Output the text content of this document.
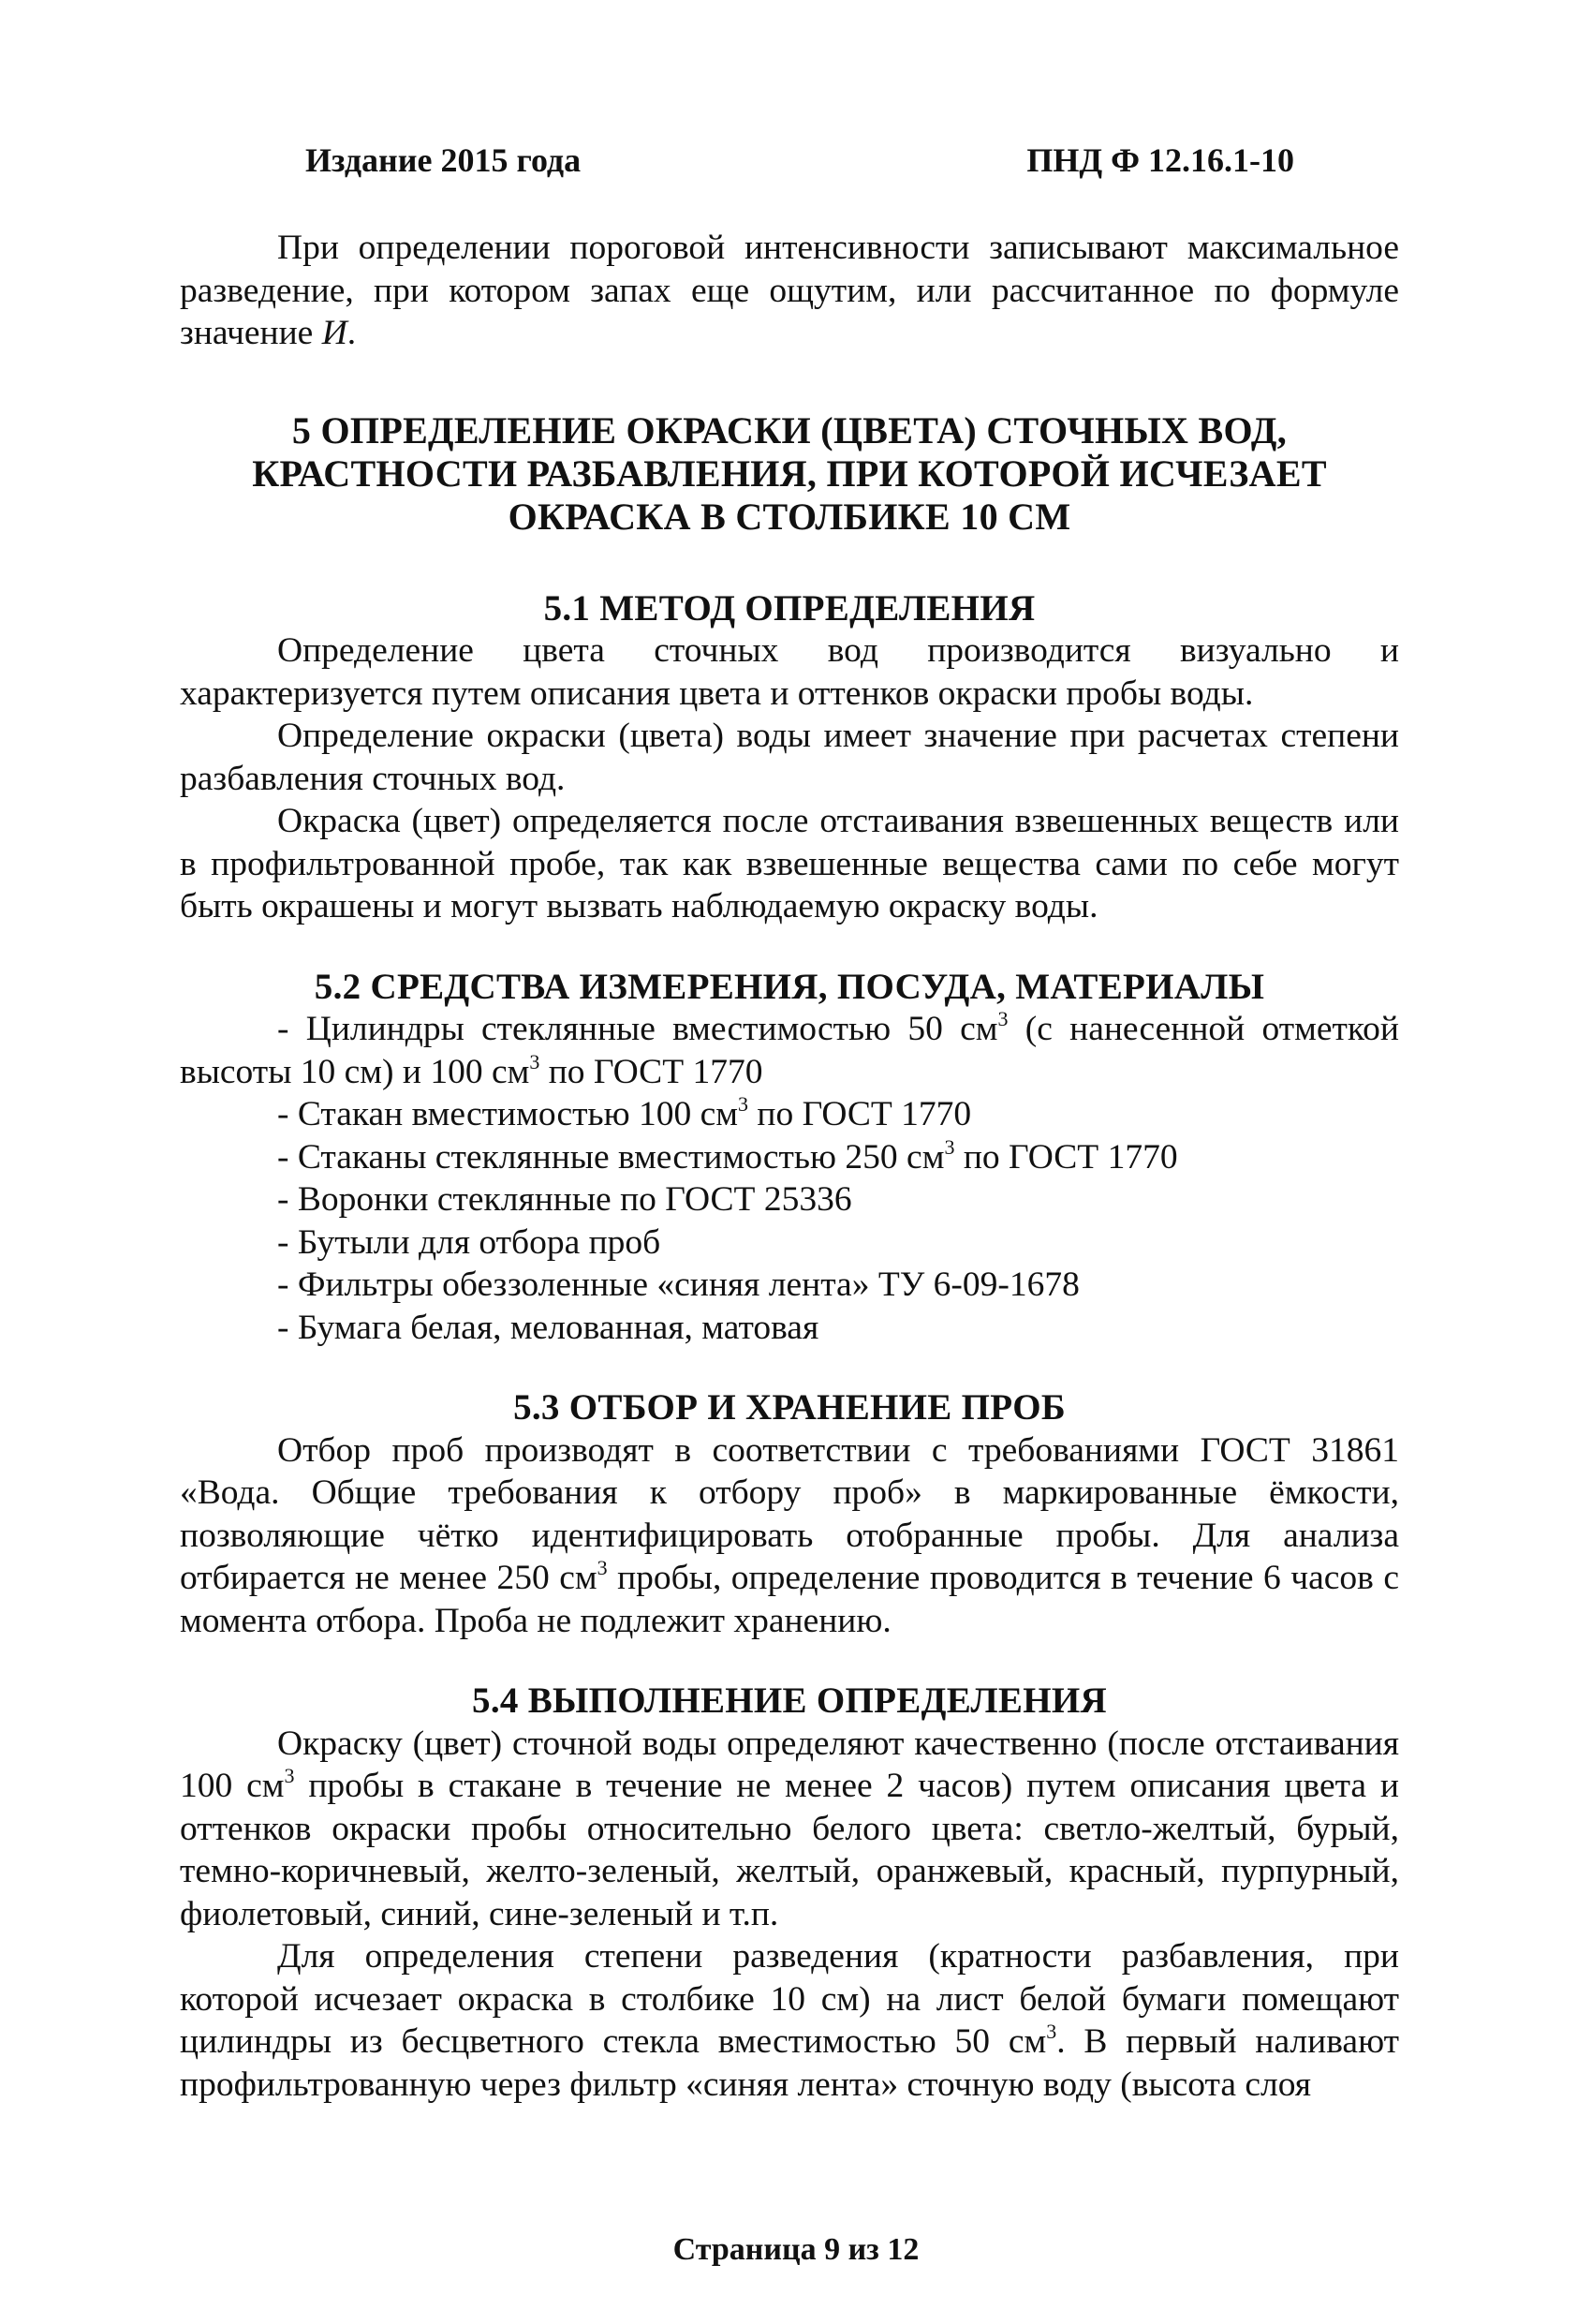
Издание 2015 года	ПНД Ф 12.16.1-10

При определении пороговой интенсивности записывают максимальное разведение, при котором запах еще ощутим, или рассчитанное по формуле значение И.

5 ОПРЕДЕЛЕНИЕ ОКРАСКИ (ЦВЕТА) СТОЧНЫХ ВОД,
КРАСТНОСТИ РАЗБАВЛЕНИЯ, ПРИ КОТОРОЙ ИСЧЕЗАЕТ
ОКРАСКА В СТОЛБИКЕ 10 СМ
5.1 МЕТОД ОПРЕДЕЛЕНИЯ

Определение цвета сточных вод производится визуально и характеризуется путем описания цвета и оттенков окраски пробы воды.

Определение окраски (цвета) воды имеет значение при расчетах степени разбавления сточных вод.

Окраска (цвет) определяется после отстаивания взвешенных веществ или в профильтрованной пробе, так как взвешенные вещества сами по себе могут быть окрашены и могут вызвать наблюдаемую окраску воды.

5.2 СРЕДСТВА ИЗМЕРЕНИЯ, ПОСУДА, МАТЕРИАЛЫ
- Цилиндры стеклянные вместимостью 50 $см^3$ (с нанесенной отметкой высоты 10 см) и 100 $см^3$ по ГОСТ 1770
- Стакан вместимостью 100 $см^3$ по ГОСТ 1770
- Стаканы стеклянные вместимостью 250 $см^3$ по ГОСТ 1770
- Воронки стеклянные по ГОСТ 25336
- Бутыли для отбора проб
- Фильтры обеззоленные «синяя лента» ТУ 6-09-1678
- Бумага белая, мелованная, матовая
5.3 ОТБОР И ХРАНЕНИЕ ПРОБ

Отбор проб производят в соответствии с требованиями ГОСТ 31861 «Вода. Общие требования к отбору проб» в маркированные ёмкости, позволяющие чётко идентифицировать отобранные пробы. Для анализа отбирается не менее 250 $см^3$ пробы, определение проводится в течение 6 часов с момента отбора. Проба не подлежит хранению.

5.4 ВЫПОЛНЕНИЕ ОПРЕДЕЛЕНИЯ

Окраску (цвет) сточной воды определяют качественно (после отстаивания 100 $см^3$ пробы в стакане в течение не менее 2 часов) путем описания цвета и оттенков окраски пробы относительно белого цвета: светло-желтый, бурый, темно-коричневый, желто-зеленый, желтый, оранжевый, красный, пурпурный, фиолетовый, синий, сине-зеленый и т.п.

Для определения степени разведения (кратности разбавления, при которой исчезает окраска в столбике 10 см) на лист белой бумаги помещают цилиндры из бесцветного стекла вместимостью 50 $см^3$. В первый наливают профильтрованную через фильтр «синяя лента» сточную воду (высота слоя

Страница 9 из 12
